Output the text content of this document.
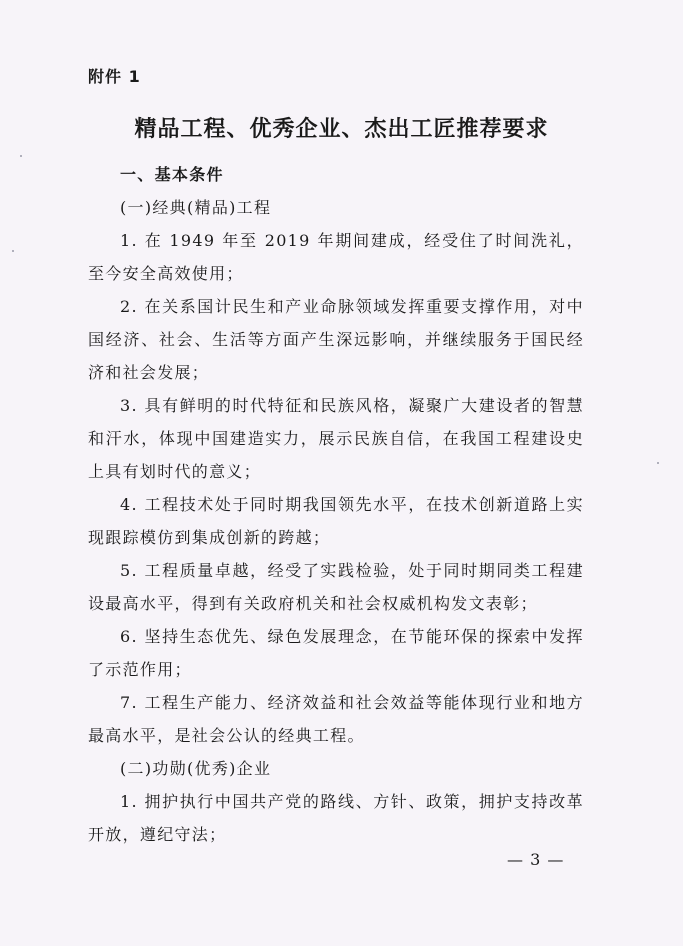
附件 1
精品工程、优秀企业、杰出工匠推荐要求

一、基本条件

(一)经典(精品)工程

1. 在 1949 年至 2019 年期间建成，经受住了时间洗礼，至今安全高效使用；

2. 在关系国计民生和产业命脉领域发挥重要支撑作用，对中国经济、社会、生活等方面产生深远影响，并继续服务于国民经济和社会发展；

3. 具有鲜明的时代特征和民族风格，凝聚广大建设者的智慧和汗水，体现中国建造实力，展示民族自信，在我国工程建设史上具有划时代的意义；

4. 工程技术处于同时期我国领先水平，在技术创新道路上实现跟踪模仿到集成创新的跨越；

5. 工程质量卓越，经受了实践检验，处于同时期同类工程建设最高水平，得到有关政府机关和社会权威机构发文表彰；

6. 坚持生态优先、绿色发展理念，在节能环保的探索中发挥了示范作用；

7. 工程生产能力、经济效益和社会效益等能体现行业和地方最高水平，是社会公认的经典工程。

(二)功勋(优秀)企业

1. 拥护执行中国共产党的路线、方针、政策，拥护支持改革开放，遵纪守法；

— 3 —
